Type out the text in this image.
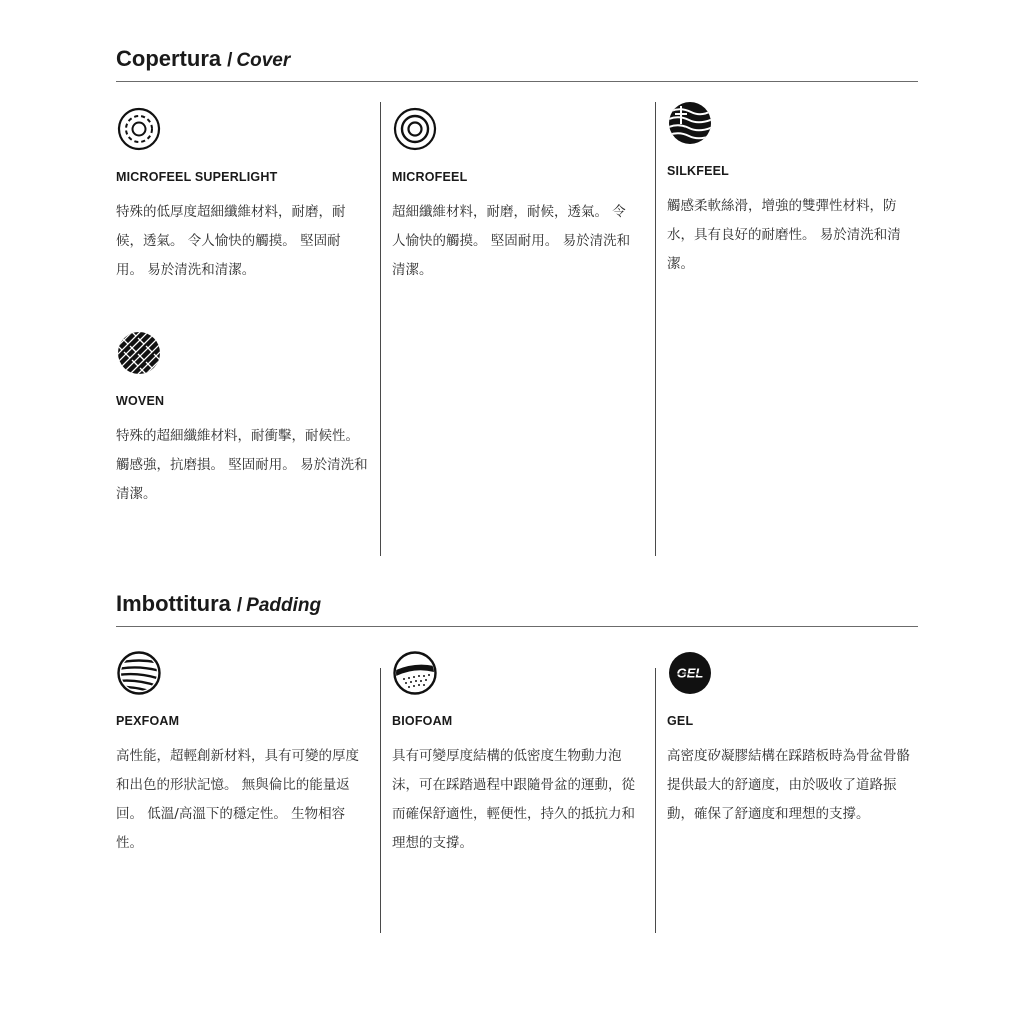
Copertura / Cover
MICROFEEL SUPERLIGHT
特殊的低厚度超細纖維材料，耐磨，耐候，透氣。 令人愉快的觸摸。 堅固耐用。 易於清洗和清潔。
MICROFEEL
超細纖維材料，耐磨，耐候，透氣。 令人愉快的觸摸。 堅固耐用。 易於清洗和清潔。
SILKFEEL
觸感柔軟絲滑，增強的雙彈性材料，防水，具有良好的耐磨性。 易於清洗和清潔。
WOVEN
特殊的超細纖維材料，耐衝擊，耐候性。 觸感強，抗磨損。 堅固耐用。 易於清洗和清潔。
Imbottitura / Padding
PEXFOAM
高性能，超輕創新材料，具有可變的厚度和出色的形狀記憶。 無與倫比的能量返回。 低溫/高溫下的穩定性。 生物相容性。
BIOFOAM
具有可變厚度結構的低密度生物動力泡沫，可在踩踏過程中跟隨骨盆的運動，從而確保舒適性，輕便性，持久的抵抗力和理想的支撐。
GEL
GEL
高密度矽凝膠結構在踩踏板時為骨盆骨骼提供最大的舒適度，由於吸收了道路振動，確保了舒適度和理想的支撐。
